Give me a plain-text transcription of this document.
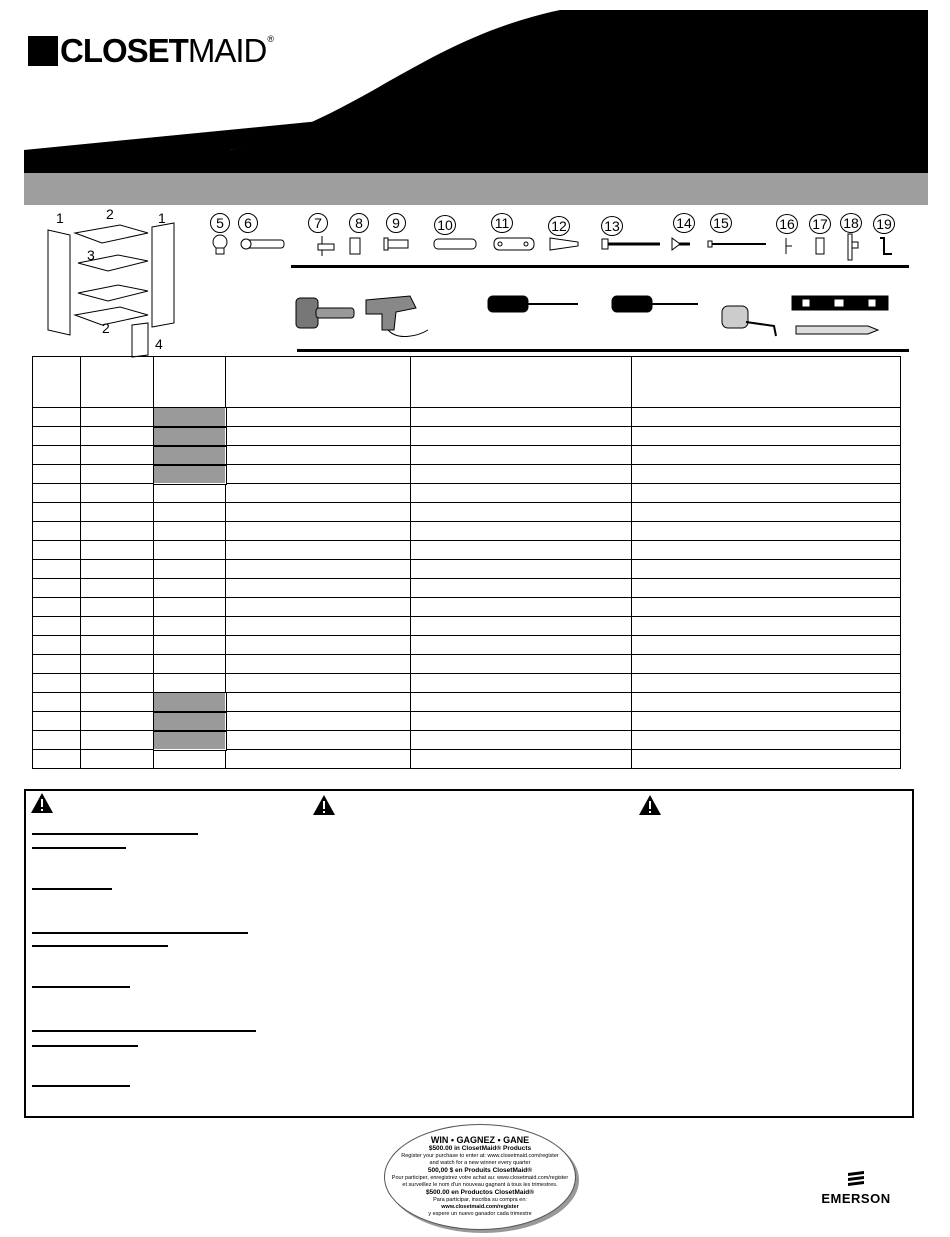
CLOSET MAID ®
1	2	1
3
2
4
5	6	7	8	9	10	11	12	13	14 15	16 17 18 19

WIN • GAGNEZ • GANE
$500.00 in ClosetMaid® Products
Register your purchase to enter at: www.closetmaid.com/register
and watch for a new winner every quarter
500,00 $ en Produits ClosetMaid®
Pour participer, enregistrez votre achat au: www.closetmaid.com/register
et surveillez le nom d'un nouveau gagnant à tous les trimestres.
$500.00 en Productos ClosetMaid®
Para participar, inscriba su compra en:
www.closetmaid.com/register
y espere un nuevo ganador cada trimestre
EMERSON
